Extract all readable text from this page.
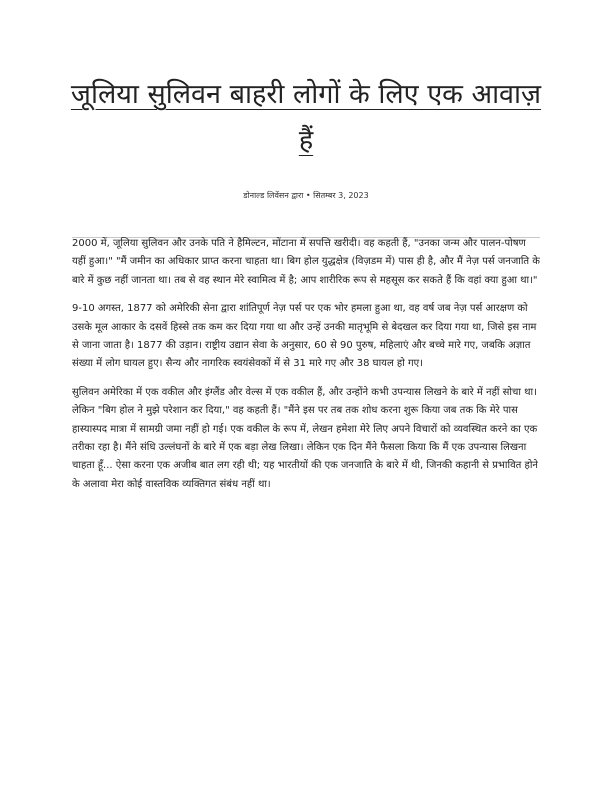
जूलिया सुलिवन बाहरी लोगों के लिए एक आवाज़ हैं
डोनाल्ड लिवेंसन द्वारा • सितम्बर 3, 2023

2000 में, जूलिया सुलिवन और उनके पति ने हैमिल्टन, मोंटाना में सपत्ति खरीदी। वह कहती हैं, "उनका जन्म और पालन-पोषण यहीं हुआ।" "मैं जमीन का अधिकार प्राप्त करना चाहता था। बिग होल युद्धक्षेत्र (विज़डम में) पास ही है, और मैं नेज़ पर्स जनजाति के बारे में कुछ नहीं जानता था। तब से वह स्थान मेरे स्वामित्व में है; आप शारीरिक रूप से महसूस कर सकते हैं कि वहां क्या हुआ था।"

9-10 अगस्त, 1877 को अमेरिकी सेना द्वारा शांतिपूर्ण नेज़ पर्स पर एक भोर हमला हुआ था, वह वर्ष जब नेज़ पर्स आरक्षण को उसके मूल आकार के दसवें हिस्से तक कम कर दिया गया था और उन्हें उनकी मातृभूमि से बेदखल कर दिया गया था, जिसे इस नाम से जाना जाता है। 1877 की उड़ान। राष्ट्रीय उद्यान सेवा के अनुसार, 60 से 90 पुरुष, महिलाएं और बच्चे मारे गए, जबकि अज्ञात संख्या में लोग घायल हुए। सैन्य और नागरिक स्वयंसेवकों में से 31 मारे गए और 38 घायल हो गए।

सुलिवन अमेरिका में एक वकील और इंग्लैंड और वेल्स में एक वकील हैं, और उन्होंने कभी उपन्यास लिखने के बारे में नहीं सोचा था। लेकिन "बिग होल ने मुझे परेशान कर दिया," वह कहती हैं। "मैंने इस पर तब तक शोध करना शुरू किया जब तक कि मेरे पास हास्यास्पद मात्रा में सामग्री जमा नहीं हो गई। एक वकील के रूप में, लेखन हमेशा मेरे लिए अपने विचारों को व्यवस्थित करने का एक तरीका रहा है। मैंने संधि उल्लंघनों के बारे में एक बड़ा लेख लिखा। लेकिन एक दिन मैंने फैसला किया कि मैं एक उपन्यास लिखना चाहता हूँ... ऐसा करना एक अजीब बात लग रही थी; यह भारतीयों की एक जनजाति के बारे में थी, जिनकी कहानी से प्रभावित होने के अलावा मेरा कोई वास्तविक व्यक्तिगत संबंध नहीं था।
